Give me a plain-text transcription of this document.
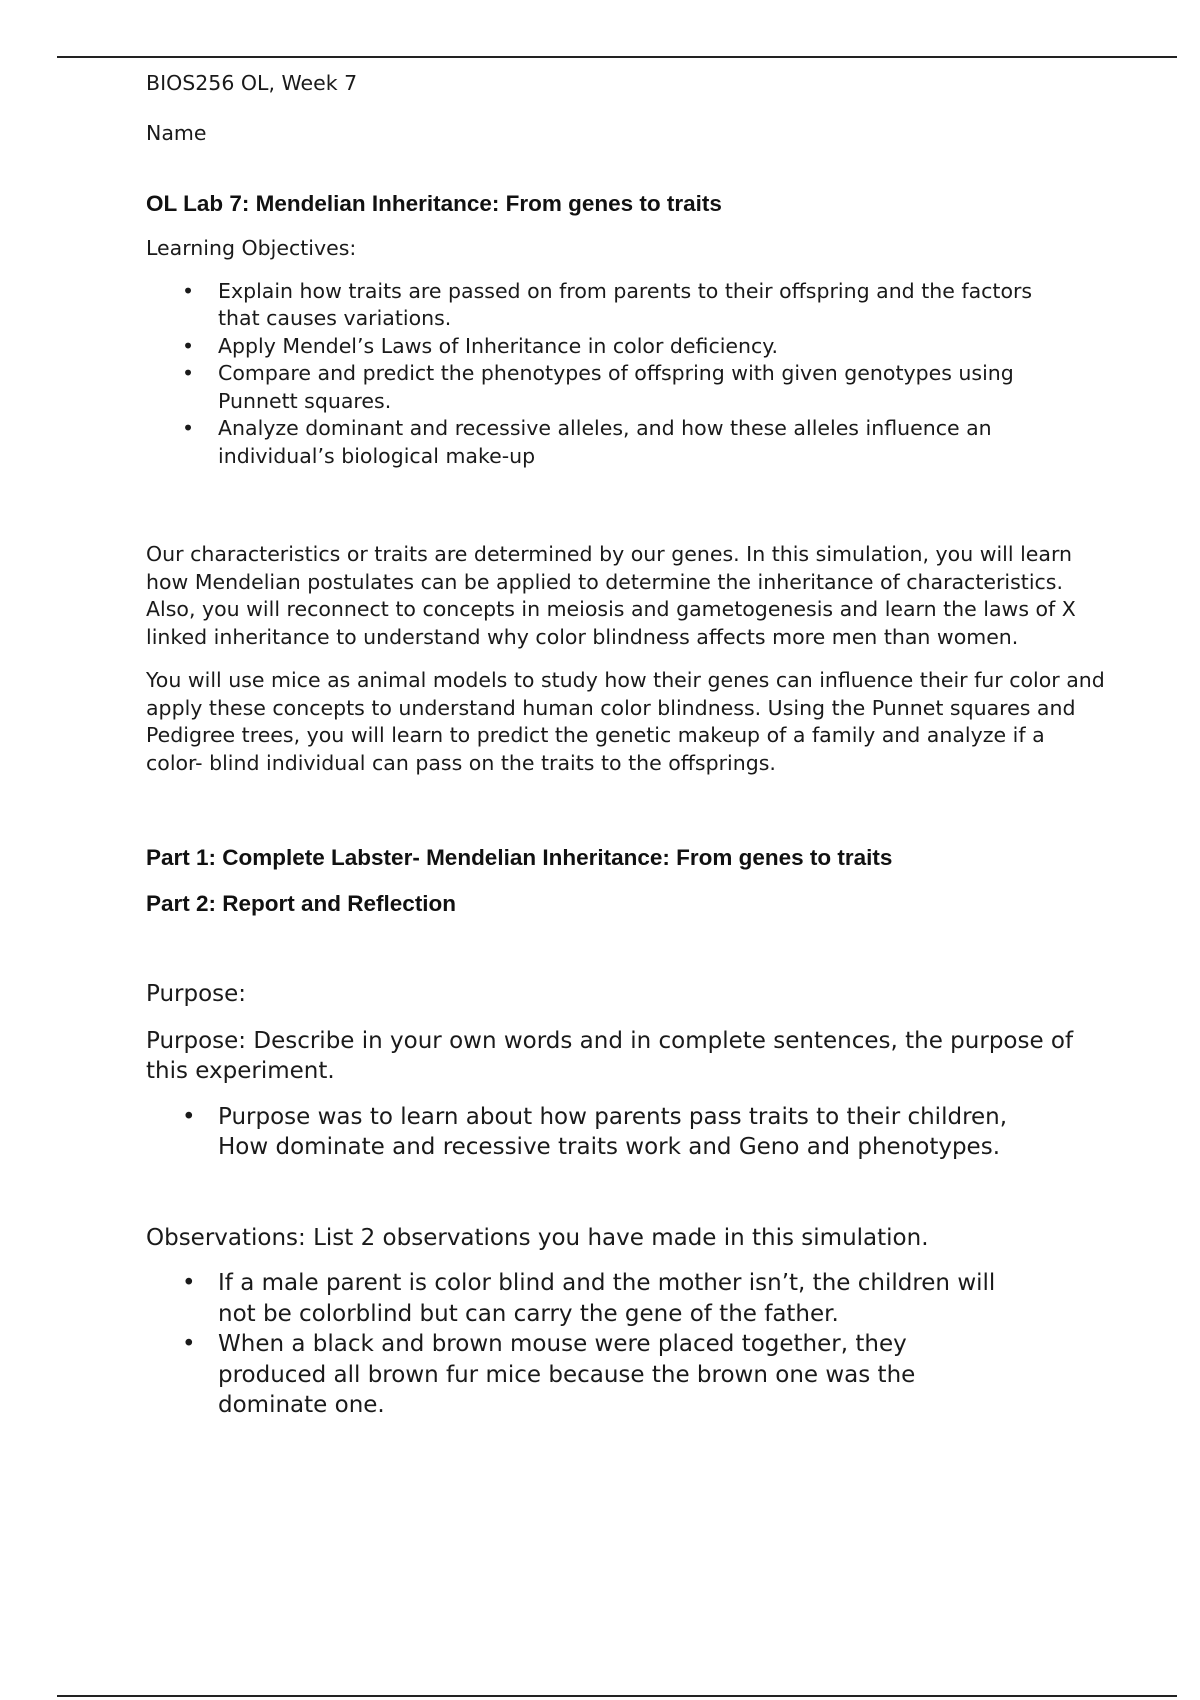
BIOS256 OL, Week 7

Name

OL Lab 7: Mendelian Inheritance: From genes to traits

Learning Objectives:

• Explain how traits are passed on from parents to their offspring and the factors that causes variations.
• Apply Mendel’s Laws of Inheritance in color deficiency.
• Compare and predict the phenotypes of offspring with given genotypes using Punnett squares.
• Analyze dominant and recessive alleles, and how these alleles influence an individual’s biological make-up

Our characteristics or traits are determined by our genes. In this simulation, you will learn how Mendelian postulates can be applied to determine the inheritance of characteristics. Also, you will reconnect to concepts in meiosis and gametogenesis and learn the laws of X linked inheritance to understand why color blindness affects more men than women.

You will use mice as animal models to study how their genes can influence their fur color and apply these concepts to understand human color blindness. Using the Punnet squares and Pedigree trees, you will learn to predict the genetic makeup of a family and analyze if a color- blind individual can pass on the traits to the offsprings.

Part 1: Complete Labster- Mendelian Inheritance: From genes to traits

Part 2: Report and Reflection

Purpose:

Purpose: Describe in your own words and in complete sentences, the purpose of this experiment.

• Purpose was to learn about how parents pass traits to their children, How dominate and recessive traits work and Geno and phenotypes.

Observations: List 2 observations you have made in this simulation.

• If a male parent is color blind and the mother isn’t, the children will not be colorblind but can carry the gene of the father.
• When a black and brown mouse were placed together, they produced all brown fur mice because the brown one was the dominate one.
